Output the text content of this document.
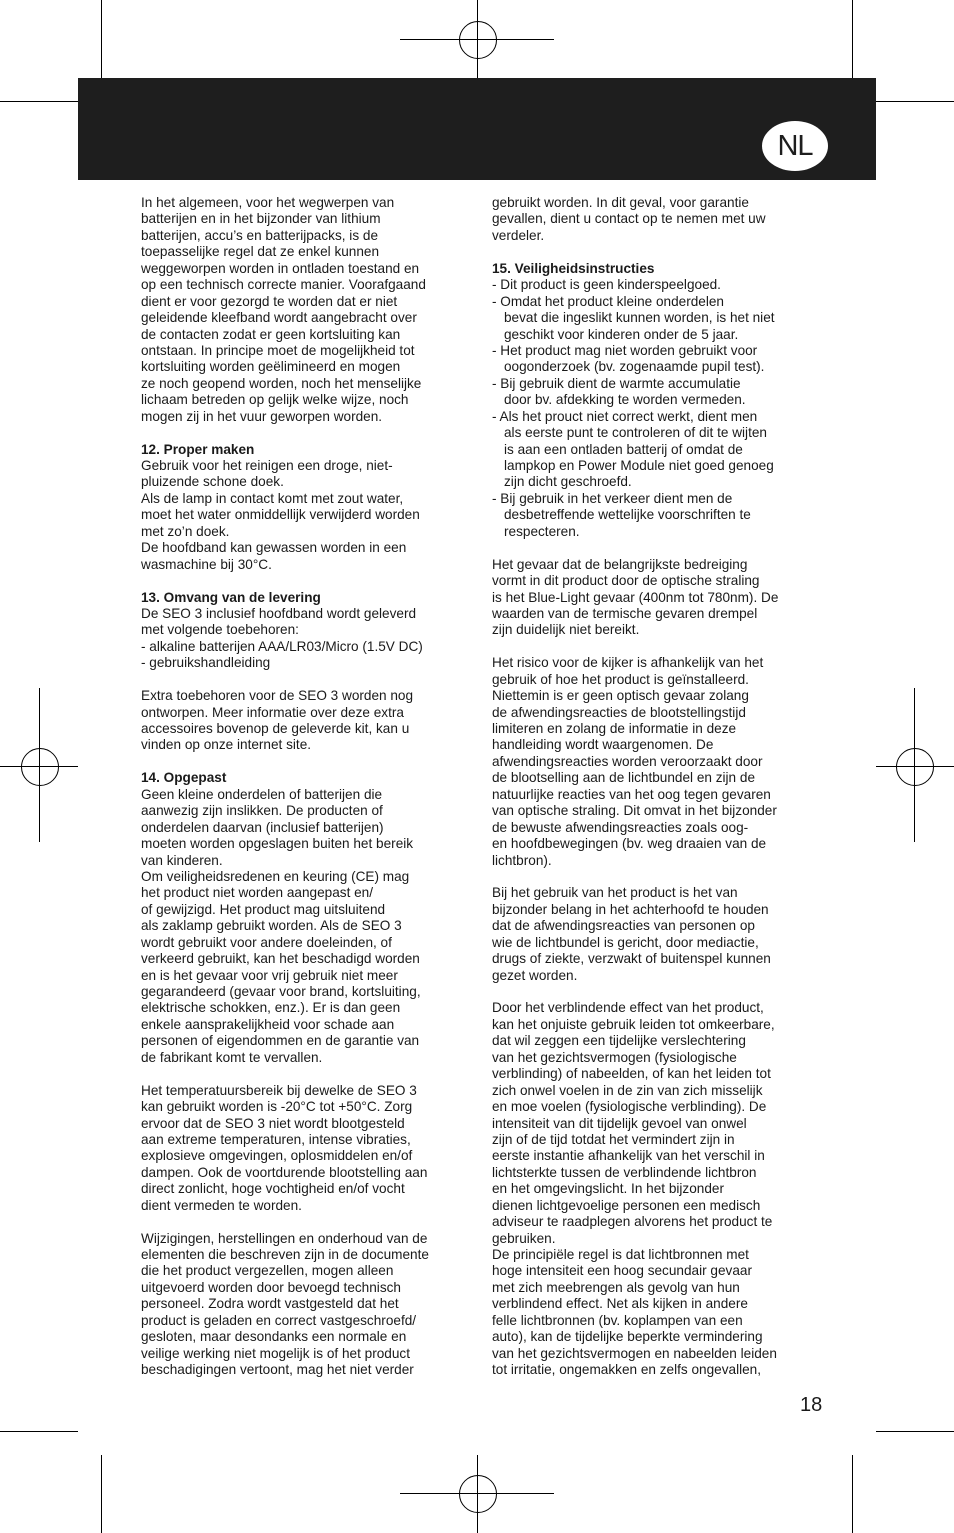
NL
In het algemeen, voor het wegwerpen van
batterijen en in het bijzonder van lithium
batterijen, accu’s en batterijpacks, is de
toepasselijke regel dat ze enkel kunnen
weggeworpen worden in ontladen toestand en
op een technisch correcte manier. Voorafgaand
dient er voor gezorgd te worden dat er niet
geleidende kleefband wordt aangebracht over
de contacten zodat er geen kortsluiting kan
ontstaan. In principe moet de mogelijkheid tot
kortsluiting worden geëlimineerd en mogen
ze noch geopend worden, noch het menselijke
lichaam betreden op gelijk welke wijze, noch
mogen zij in het vuur geworpen worden.
12. Proper maken
Gebruik voor het reinigen een droge, niet-
pluizende schone doek.
Als de lamp in contact komt met zout water,
moet het water onmiddellijk verwijderd worden
met zo’n doek.
De hoofdband kan gewassen worden in een
wasmachine bij 30°C.
13. Omvang van de levering
De SEO 3 inclusief hoofdband wordt geleverd
met volgende toebehoren:
- alkaline batterijen AAA/LR03/Micro (1.5V DC)
- gebruikshandleiding
Extra toebehoren voor de SEO 3 worden nog
ontworpen. Meer informatie over deze extra
accessoires bovenop de geleverde kit, kan u
vinden op onze internet site.
14. Opgepast
Geen kleine onderdelen of batterijen die
aanwezig zijn inslikken. De producten of
onderdelen daarvan (inclusief batterijen)
moeten worden opgeslagen buiten het bereik
van kinderen.
Om veiligheidsredenen en keuring (CE) mag
het product niet worden aangepast en/
of gewijzigd. Het product mag uitsluitend
als zaklamp gebruikt worden. Als de SEO 3
wordt gebruikt voor andere doeleinden, of
verkeerd gebruikt, kan het beschadigd worden
en is het gevaar voor vrij gebruik niet meer
gegarandeerd (gevaar voor brand, kortsluiting,
elektrische schokken, enz.). Er is dan geen
enkele aansprakelijkheid voor schade aan
personen of eigendommen en de garantie van
de fabrikant komt te vervallen.
Het temperatuursbereik bij dewelke de SEO 3
kan gebruikt worden is -20°C tot +50°C. Zorg
ervoor dat de SEO 3 niet wordt blootgesteld
aan extreme temperaturen, intense vibraties,
explosieve omgevingen, oplosmiddelen en/of
dampen. Ook de voortdurende blootstelling aan
direct zonlicht, hoge vochtigheid en/of vocht
dient vermeden te worden.
Wijzigingen, herstellingen en onderhoud van de
elementen die beschreven zijn in de documente
die het product vergezellen, mogen alleen
uitgevoerd worden door bevoegd technisch
personeel. Zodra wordt vastgesteld dat het
product is geladen en correct vastgeschroefd/
gesloten, maar desondanks een normale en
veilige werking niet mogelijk is of het product
beschadigingen vertoont, mag het niet verder
gebruikt worden. In dit geval, voor garantie
gevallen, dient u contact op te nemen met uw
verdeler.
15. Veiligheidsinstructies
- Dit product is geen kinderspeelgoed.
- Omdat het product kleine onderdelen
bevat die ingeslikt kunnen worden, is het niet
geschikt voor kinderen onder de 5 jaar.
- Het product mag niet worden gebruikt voor
oogonderzoek (bv. zogenaamde pupil test).
- Bij gebruik dient de warmte accumulatie
door bv. afdekking te worden vermeden.
- Als het prouct niet correct werkt, dient men
als eerste punt te controleren of dit te wijten
is aan een ontladen batterij of omdat de
lampkop en Power Module niet goed genoeg
zijn dicht geschroefd.
- Bij gebruik in het verkeer dient men de
desbetreffende wettelijke voorschriften te
respecteren.
Het gevaar dat de belangrijkste bedreiging
vormt in dit product door de optische straling
is het Blue-Light gevaar (400nm tot 780nm). De
waarden van de termische gevaren drempel
zijn duidelijk niet bereikt.
Het risico voor de kijker is afhankelijk van het
gebruik of hoe het product is geïnstalleerd.
Niettemin is er geen optisch gevaar zolang
de afwendingsreacties de blootstellingstijd
limiteren en zolang de informatie in deze
handleiding wordt waargenomen. De
afwendingsreacties worden veroorzaakt door
de blootselling aan de lichtbundel en zijn de
natuurlijke reacties van het oog tegen gevaren
van optische straling. Dit omvat in het bijzonder
de bewuste afwendingsreacties zoals oog-
en hoofdbewegingen (bv. weg draaien van de
lichtbron).
Bij het gebruik van het product is het van
bijzonder belang in het achterhoofd te houden
dat de afwendingsreacties van personen op
wie de lichtbundel is gericht, door mediactie,
drugs of ziekte, verzwakt of buitenspel kunnen
gezet worden.
Door het verblindende effect van het product,
kan het onjuiste gebruik leiden tot omkeerbare,
dat wil zeggen een tijdelijke verslechtering
van het gezichtsvermogen (fysiologische
verblinding) of nabeelden, of kan het leiden tot
zich onwel voelen in de zin van zich misselijk
en moe voelen (fysiologische verblinding). De
intensiteit van dit tijdelijk gevoel van onwel
zijn of de tijd totdat het vermindert zijn in
eerste instantie afhankelijk van het verschil in
lichtsterkte tussen de verblindende lichtbron
en het omgevingslicht. In het bijzonder
dienen lichtgevoelige personen een medisch
adviseur te raadplegen alvorens het product te
gebruiken.
De principiële regel is dat lichtbronnen met
hoge intensiteit een hoog secundair gevaar
met zich meebrengen als gevolg van hun
verblindend effect. Net als kijken in andere
felle lichtbronnen (bv. koplampen van een
auto), kan de tijdelijke beperkte vermindering
van het gezichtsvermogen en nabeelden leiden
tot irritatie, ongemakken en zelfs ongevallen,
18
